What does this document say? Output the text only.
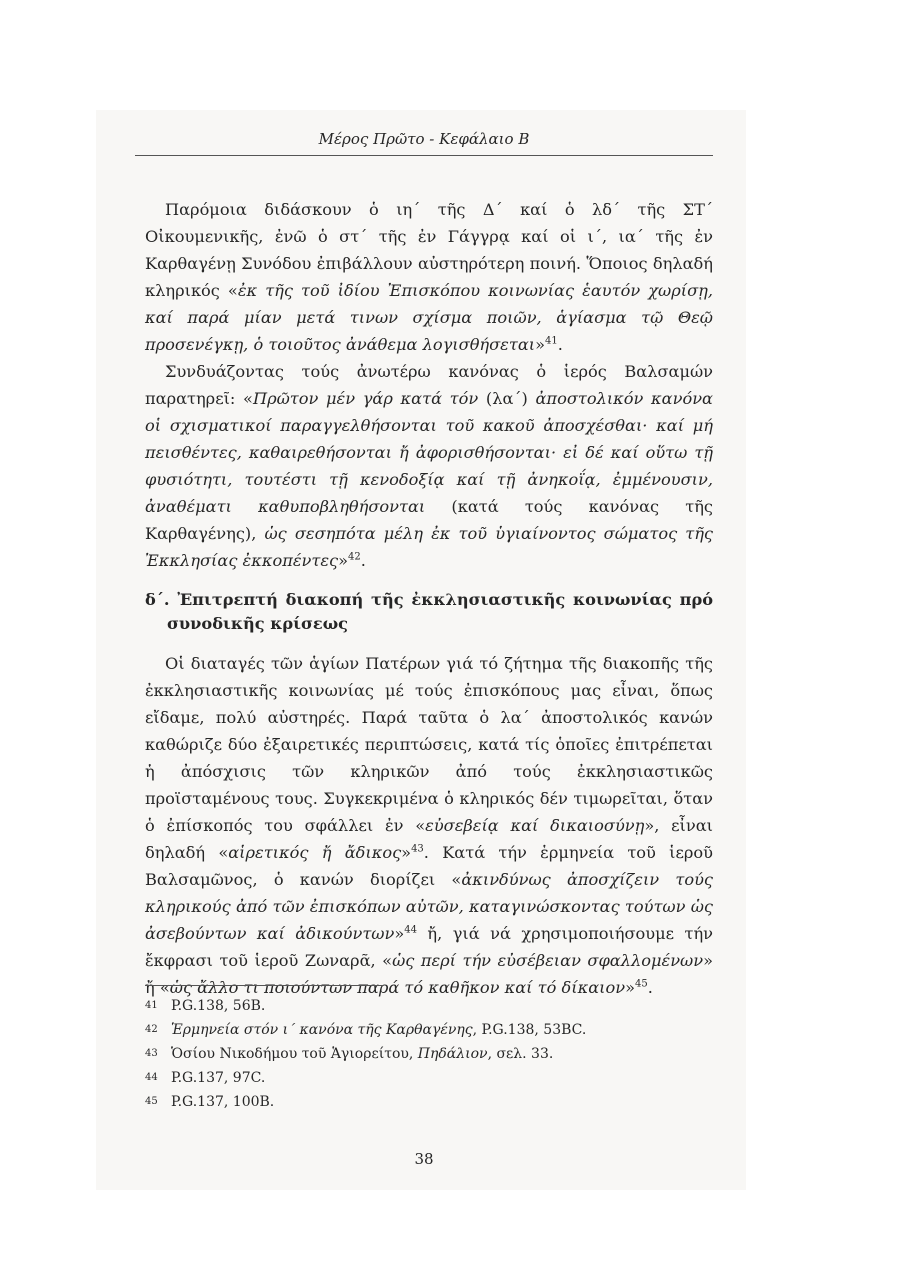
Μέρος Πρῶτο - Κεφάλαιο Β

Παρόμοια διδάσκουν ὁ ιη΄ τῆς Δ΄ καί ὁ λδ΄ τῆς ΣΤ΄ Οἰκουμενικῆς, ἐνῶ ὁ στ΄ τῆς ἐν Γάγγρᾳ καί οἱ ι΄, ια΄ τῆς ἐν Καρθαγένῃ Συνόδου ἐπιβάλλουν αὐστηρότερη ποινή. Ὅποιος δηλαδή κληρικός «ἐκ τῆς τοῦ ἰδίου Ἐπισκόπου κοινωνίας ἑαυτόν χωρίσῃ, καί παρά μίαν μετά τινων σχίσμα ποιῶν, ἁγίασμα τῷ Θεῷ προσενέγκῃ, ὁ τοιοῦτος ἀνάθεμα λογισθήσεται»$^{41}$.

Συνδυάζοντας τούς ἀνωτέρω κανόνας ὁ ἱερός Βαλσαμών παρατηρεῖ: «Πρῶτον μέν γάρ κατά τόν (λα΄) ἀποστολικόν κανόνα οἱ σχισματικοί παραγγελθήσονται τοῦ κακοῦ ἀποσχέσθαι· καί μή πεισθέντες, καθαιρεθήσονται ἤ ἀφορισθήσονται· εἰ δέ καί οὕτω τῇ φυσιότητι, τουτέστι τῇ κενοδοξίᾳ καί τῇ ἀνηκοΐᾳ, ἐμμένουσιν, ἀναθέματι καθυποβληθήσονται (κατά τούς κανόνας τῆς Καρθαγένης), ὡς σεσηπότα μέλη ἐκ τοῦ ὑγιαίνοντος σώματος τῆς Ἐκκλησίας ἐκκοπέντες»$^{42}$.

δ΄. Ἐπιτρεπτή διακοπή τῆς ἐκκλησιαστικῆς κοινωνίας πρό συνοδικῆς κρίσεως

Οἱ διαταγές τῶν ἁγίων Πατέρων γιά τό ζήτημα τῆς διακοπῆς τῆς ἐκκλησιαστικῆς κοινωνίας μέ τούς ἐπισκόπους μας εἶναι, ὅπως εἴδαμε, πολύ αὐστηρές. Παρά ταῦτα ὁ λα΄ ἀποστολικός κανών καθώριζε δύο ἐξαιρετικές περιπτώσεις, κατά τίς ὁποῖες ἐπιτρέπεται ἡ ἀπόσχισις τῶν κληρικῶν ἀπό τούς ἐκκλησιαστικῶς προϊσταμένους τους. Συγκεκριμένα ὁ κληρικός δέν τιμωρεῖται, ὅταν ὁ ἐπίσκοπός του σφάλλει ἐν «εὐσεβείᾳ καί δικαιοσύνῃ», εἶναι δηλαδή «αἱρετικός ἤ ἄδικος»$^{43}$. Κατά τήν ἑρμηνεία τοῦ ἱεροῦ Βαλσαμῶνος, ὁ κανών διορίζει «ἀκινδύνως ἀποσχίζειν τούς κληρικούς ἀπό τῶν ἐπισκόπων αὐτῶν, καταγινώσκοντας τούτων ὡς ἀσεβούντων καί ἀδικούντων»$^{44}$ ἤ, γιά νά χρησιμοποιήσουμε τήν ἔκφρασι τοῦ ἱεροῦ Ζωναρᾶ, «ὡς περί τήν εὐσέβειαν σφαλλομένων» ἤ «ὡς ἄλλο τι ποιούντων παρά τό καθῆκον καί τό δίκαιον»$^{45}$.

41 P.G.138, 56B.
42 Ἑρμηνεία στόν ι΄ κανόνα τῆς Καρθαγένης, P.G.138, 53BC.
43 Ὁσίου Νικοδήμου τοῦ Ἁγιορείτου, Πηδάλιον, σελ. 33.
44 P.G.137, 97C.
45 P.G.137, 100B.
38
